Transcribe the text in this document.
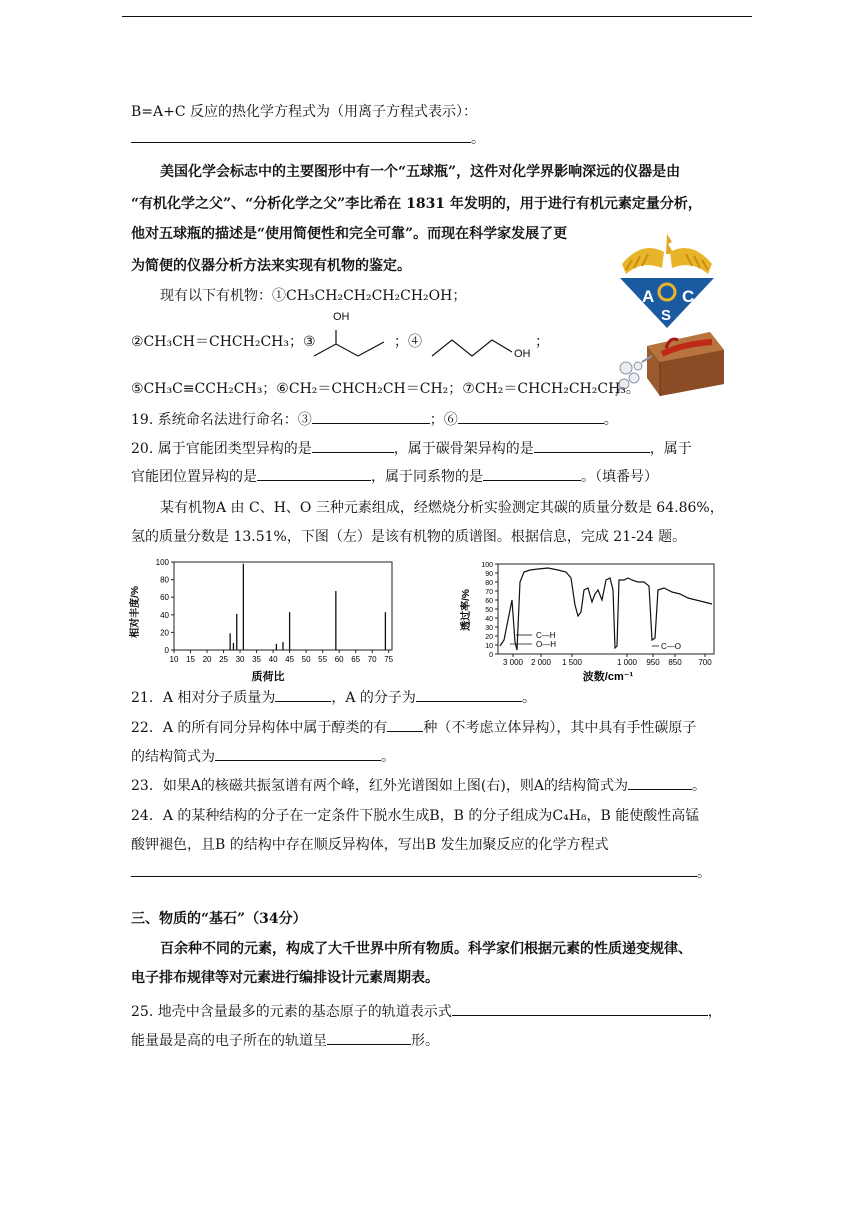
B=A+C 反应的热化学方程式为（用离子方程式表示）：
。
美国化学会标志中的主要图形中有一个“五球瓶”，这件对化学界影响深远的仪器是由
“有机化学之父”、“分析化学之父”李比希在 1831 年发明的，用于进行有机元素定量分析，
他对五球瓶的描述是“使用简便性和完全可靠”。而现在科学家发展了更
为简便的仪器分析方法来实现有机物的鉴定。
A C
S
现有以下有机物：①CH₃CH₂CH₂CH₂CH₂OH；
OH
②CH₃CH＝CHCH₂CH₃；③	；④
OH
；
⑤CH₃C≡CCH₂CH₃；⑥CH₂＝CHCH₂CH＝CH₂；⑦CH₂＝CHCH₂CH₂CH₃。
19. 系统命名法进行命名：③	；⑥	。
20. 属于官能团类型异构的是	，属于碳骨架异构的是	，属于
官能团位置异构的是	，属于同系物的是	。（填番号）
某有机物A 由 C、H、O 三种元素组成，经燃烧分析实验测定其碳的质量分数是 64.86%，
氢的质量分数是 13.51%，下图（左）是该有机物的质谱图。根据信息，完成 21-24 题。
0
20
40
60
80
100
10 15 20 25 30 35 40 45 50 55 60 65 70 75
质荷比
相对丰度/%
0
10
20
30
40
50
60
70
80
90
100
3 000 2 000 1 500	1 000 950 850 700
C—H
O—H	C—O
波数/cm⁻¹
透过率/%
21．A 相对分子质量为	，A 的分子为	。
22．A 的所有同分异构体中属于醇类的有	种（不考虑立体异构），其中具有手性碳原子
的结构简式为	。
23．如果A的核磁共振氢谱有两个峰，红外光谱图如上图(右)，则A的结构简式为	。
24．A 的某种结构的分子在一定条件下脱水生成B，B 的分子组成为C₄H₈，B 能使酸性高锰
酸钾褪色，且B 的结构中存在顺反异构体，写出B 发生加聚反应的化学方程式
。
三、物质的“基石”（34分）
百余种不同的元素，构成了大千世界中所有物质。科学家们根据元素的性质递变规律、
电子排布规律等对元素进行编排设计元素周期表。
25. 地壳中含量最多的元素的基态原子的轨道表示式	，
能量最是高的电子所在的轨道呈	形。
